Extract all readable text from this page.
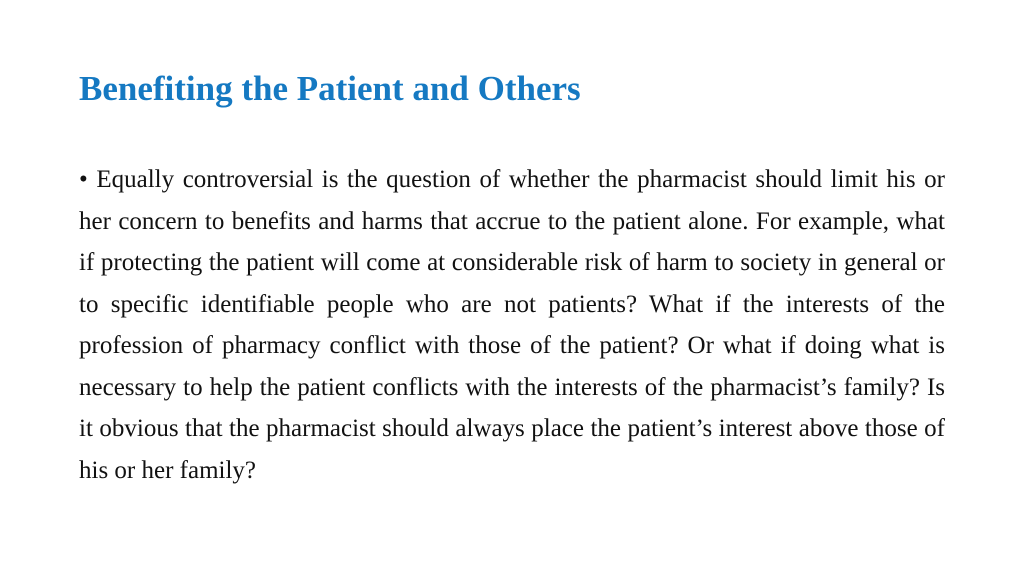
Benefiting the Patient and Others

• Equally controversial is the question of whether the pharmacist should limit his or her concern to benefits and harms that accrue to the patient alone. For example, what if protecting the patient will come at considerable risk of harm to society in general or to specific identifiable people who are not patients? What if the interests of the profession of pharmacy conflict with those of the patient? Or what if doing what is necessary to help the patient conflicts with the interests of the pharmacist’s family? Is it obvious that the pharmacist should always place the patient’s interest above those of his or her family?
